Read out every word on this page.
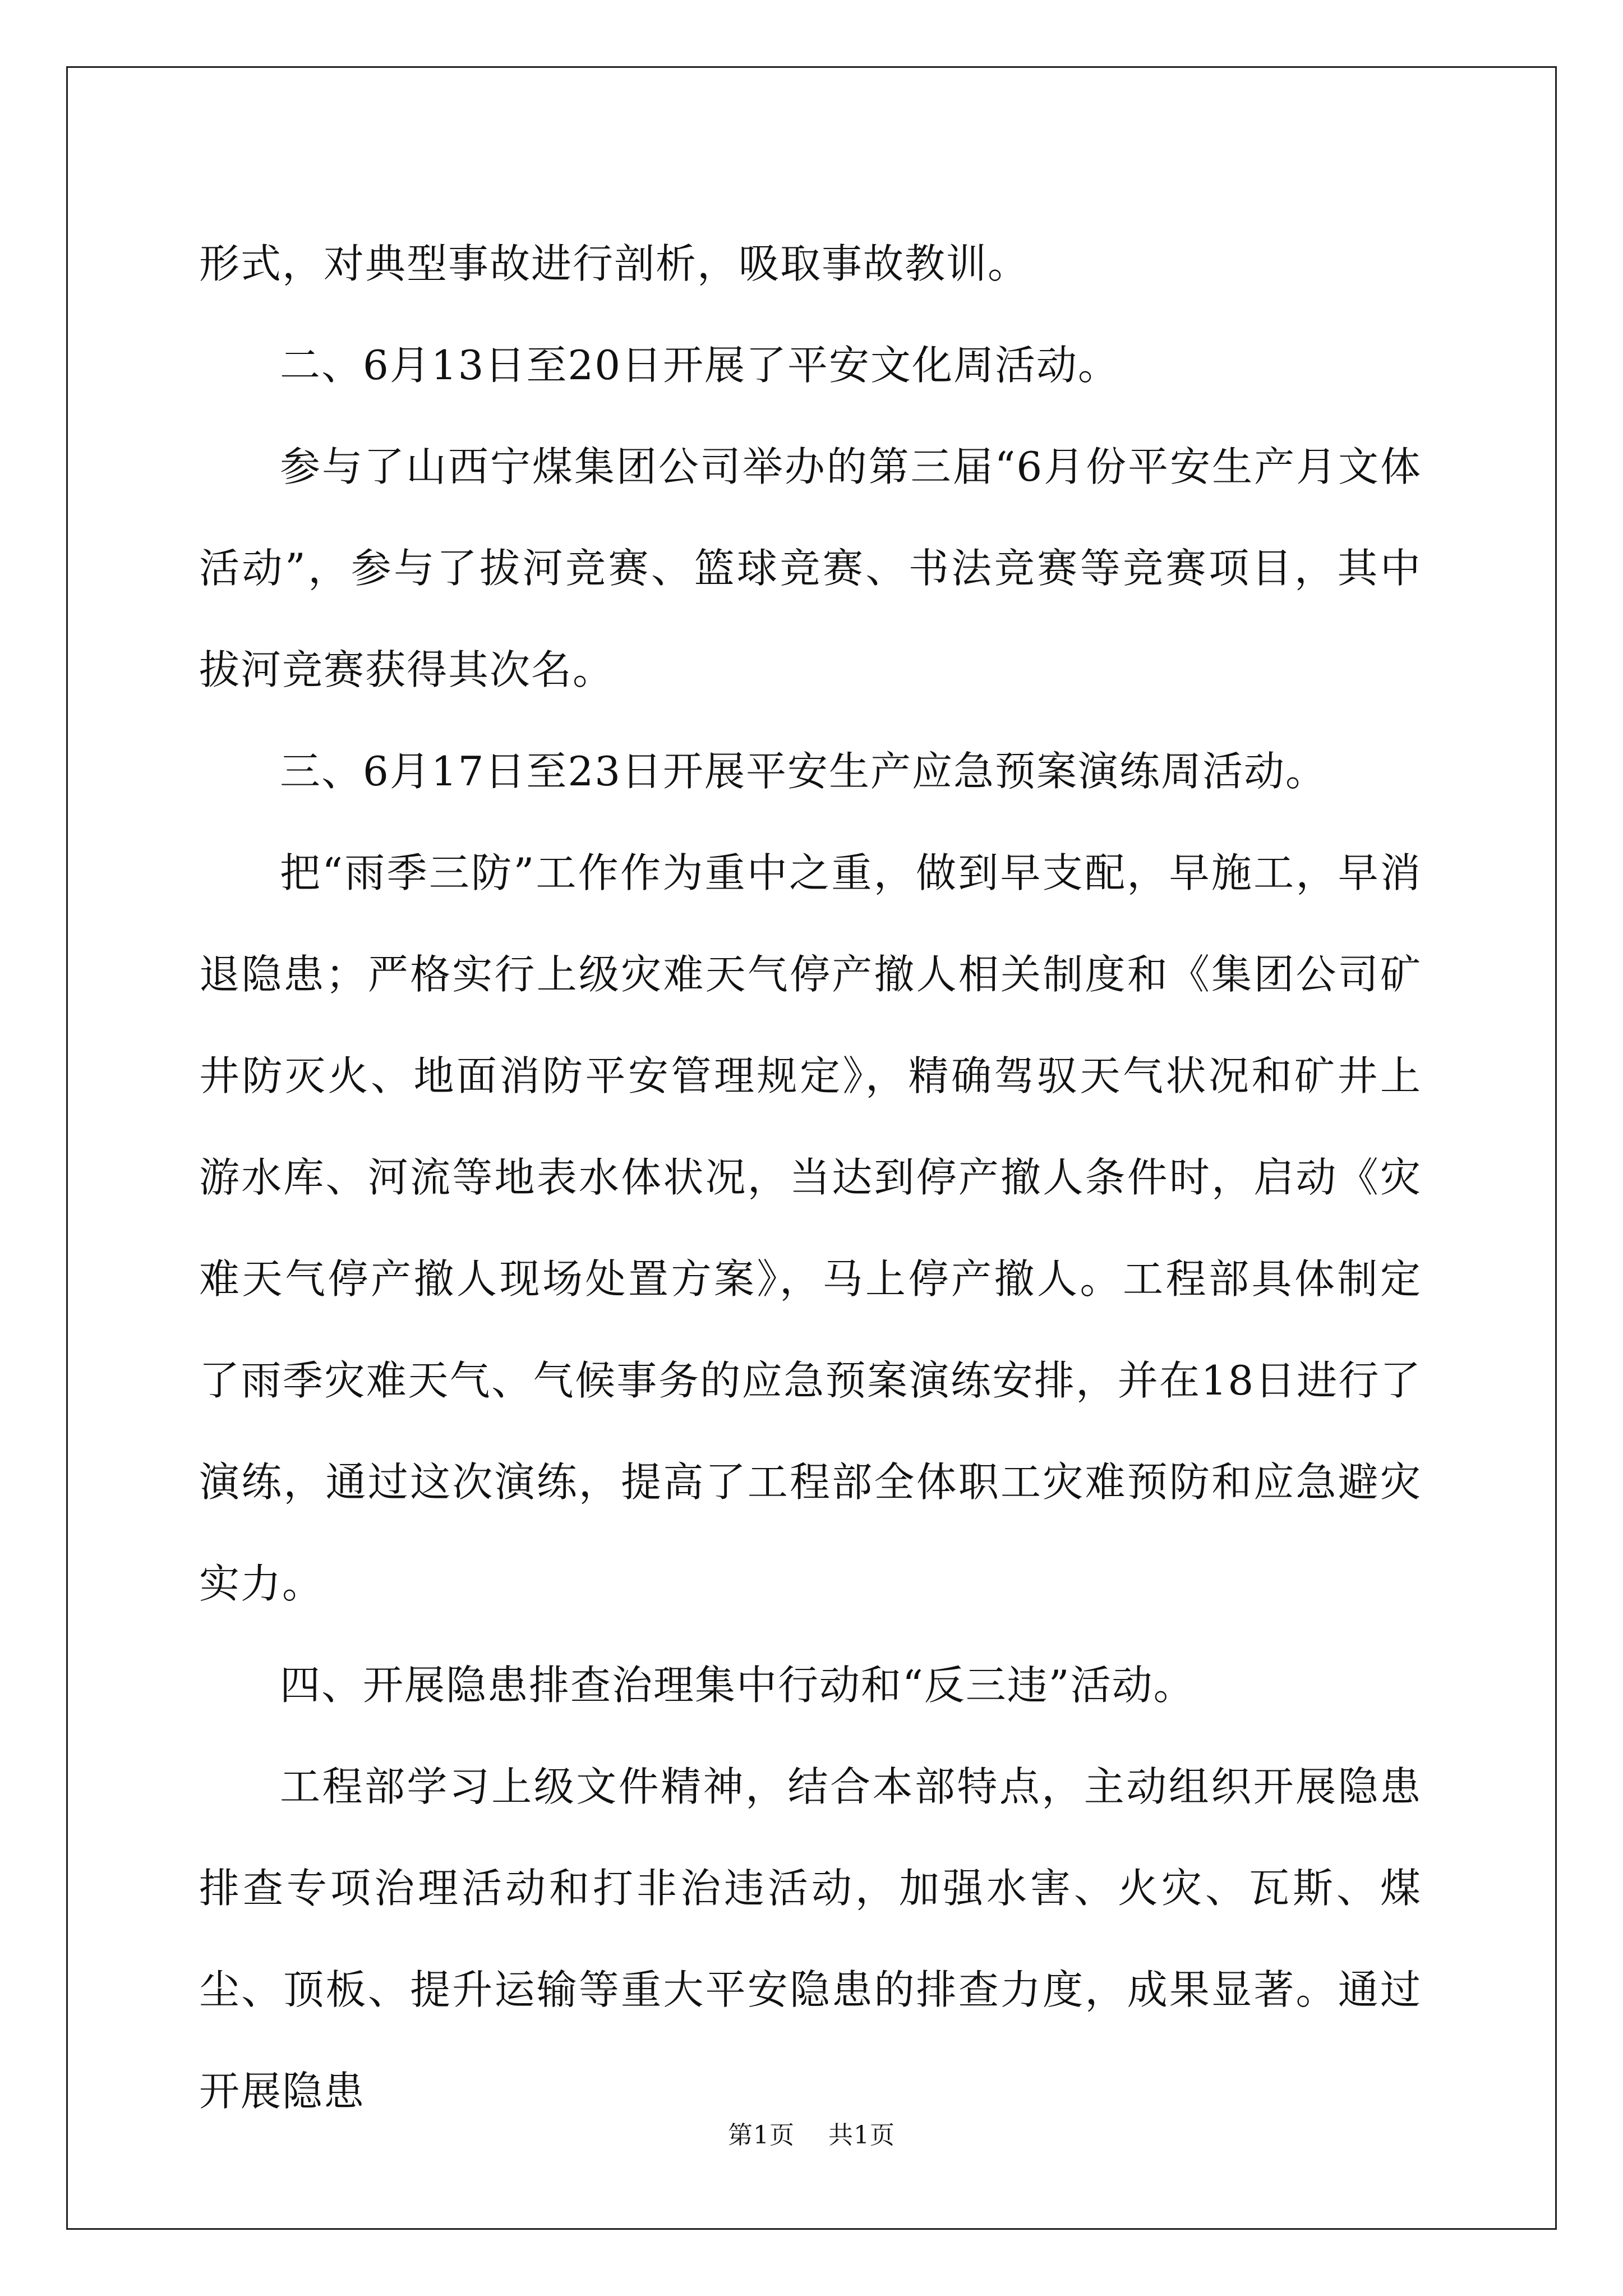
形式，对典型事故进行剖析，吸取事故教训。

二、6月13日至20日开展了平安文化周活动。

参与了山西宁煤集团公司举办的第三届“6月份平安生产月文体活动”，参与了拔河竞赛、篮球竞赛、书法竞赛等竞赛项目，其中拔河竞赛获得其次名。

三、6月17日至23日开展平安生产应急预案演练周活动。

把“雨季三防”工作作为重中之重，做到早支配，早施工，早消退隐患；严格实行上级灾难天气停产撤人相关制度和《集团公司矿井防灭火、地面消防平安管理规定》，精确驾驭天气状况和矿井上游水库、河流等地表水体状况，当达到停产撤人条件时，启动《灾难天气停产撤人现场处置方案》，马上停产撤人。工程部具体制定了雨季灾难天气、气候事务的应急预案演练安排，并在18日进行了演练，通过这次演练，提高了工程部全体职工灾难预防和应急避灾实力。

四、开展隐患排查治理集中行动和“反三违”活动。

工程部学习上级文件精神，结合本部特点，主动组织开展隐患排查专项治理活动和打非治违活动，加强水害、火灾、瓦斯、煤尘、顶板、提升运输等重大平安隐患的排查力度，成果显著。通过开展隐患

第1页 共1页
